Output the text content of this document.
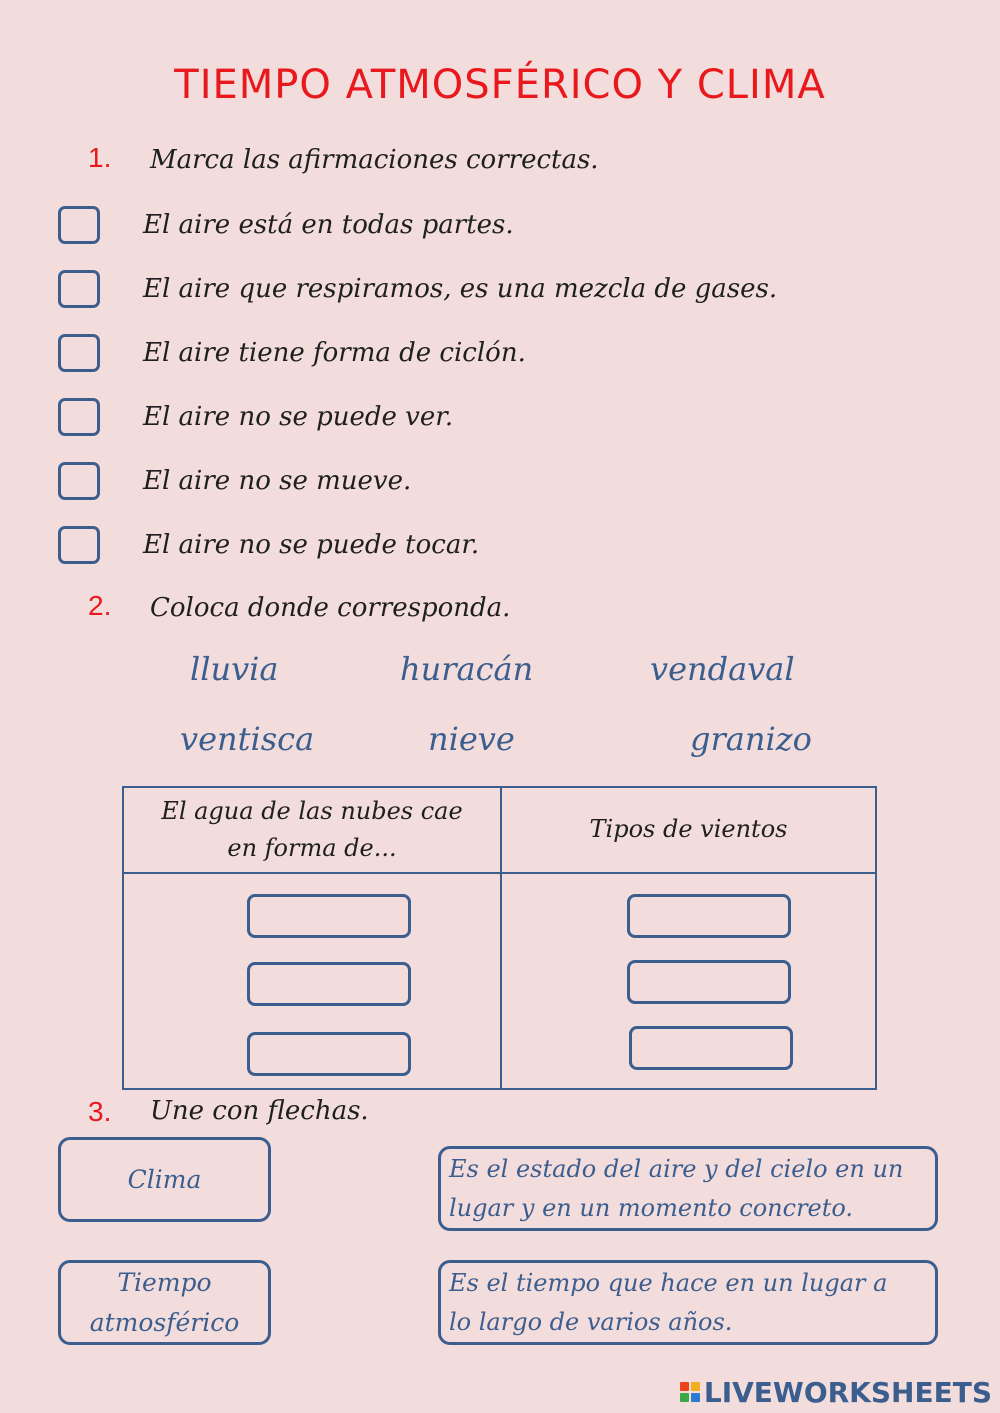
TIEMPO ATMOSFÉRICO Y CLIMA
1. Marca las afirmaciones correctas.
El aire está en todas partes.
El aire que respiramos, es una mezcla de gases.
El aire tiene forma de ciclón.
El aire no se puede ver.
El aire no se mueve.
El aire no se puede tocar.
2. Coloca donde corresponda.
lluvia	huracán	vendaval
ventisca	nieve	granizo
El agua de las nubes cae
en forma de...
Tipos de vientos
3. Une con flechas.
Clima
Tiempo
atmosférico
Es el estado del aire y del cielo en un
lugar y en un momento concreto.
Es el tiempo que hace en un lugar a
lo largo de varios años.
LIVEWORKSHEETS
